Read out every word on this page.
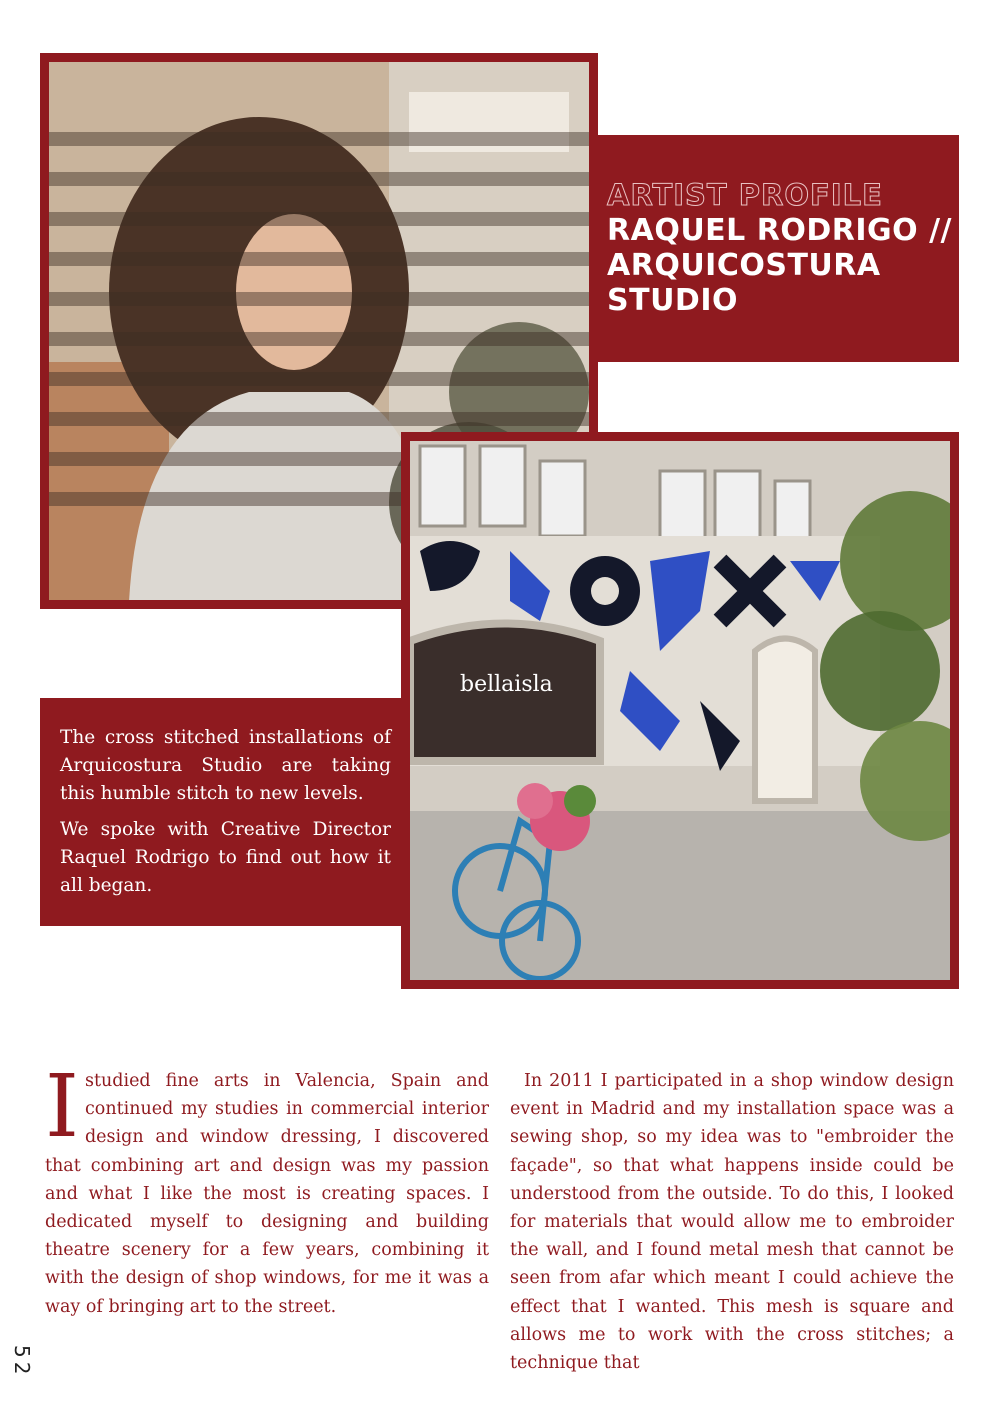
ARTIST PROFILE
RAQUEL RODRIGO // ARQUICOSTURA STUDIO
bellaisla

The cross stitched installations of Arquicostura Studio are taking this humble stitch to new levels.

We spoke with Creative Director Raquel Rodrigo to find out how it all began.

I studied fine arts in Valencia, Spain and continued my studies in commercial interior design and window dressing, I discovered that combining art and design was my passion and what I like the most is creating spaces. I dedicated myself to designing and building theatre scenery for a few years, combining it with the design of shop windows, for me it was a way of bringing art to the street.

In 2011 I participated in a shop window design event in Madrid and my installation space was a sewing shop, so my idea was to "embroider the façade", so that what happens inside could be understood from the outside. To do this, I looked for materials that would allow me to embroider the wall, and I found metal mesh that cannot be seen from afar which meant I could achieve the effect that I wanted. This mesh is square and allows me to work with the cross stitches; a technique that

52
